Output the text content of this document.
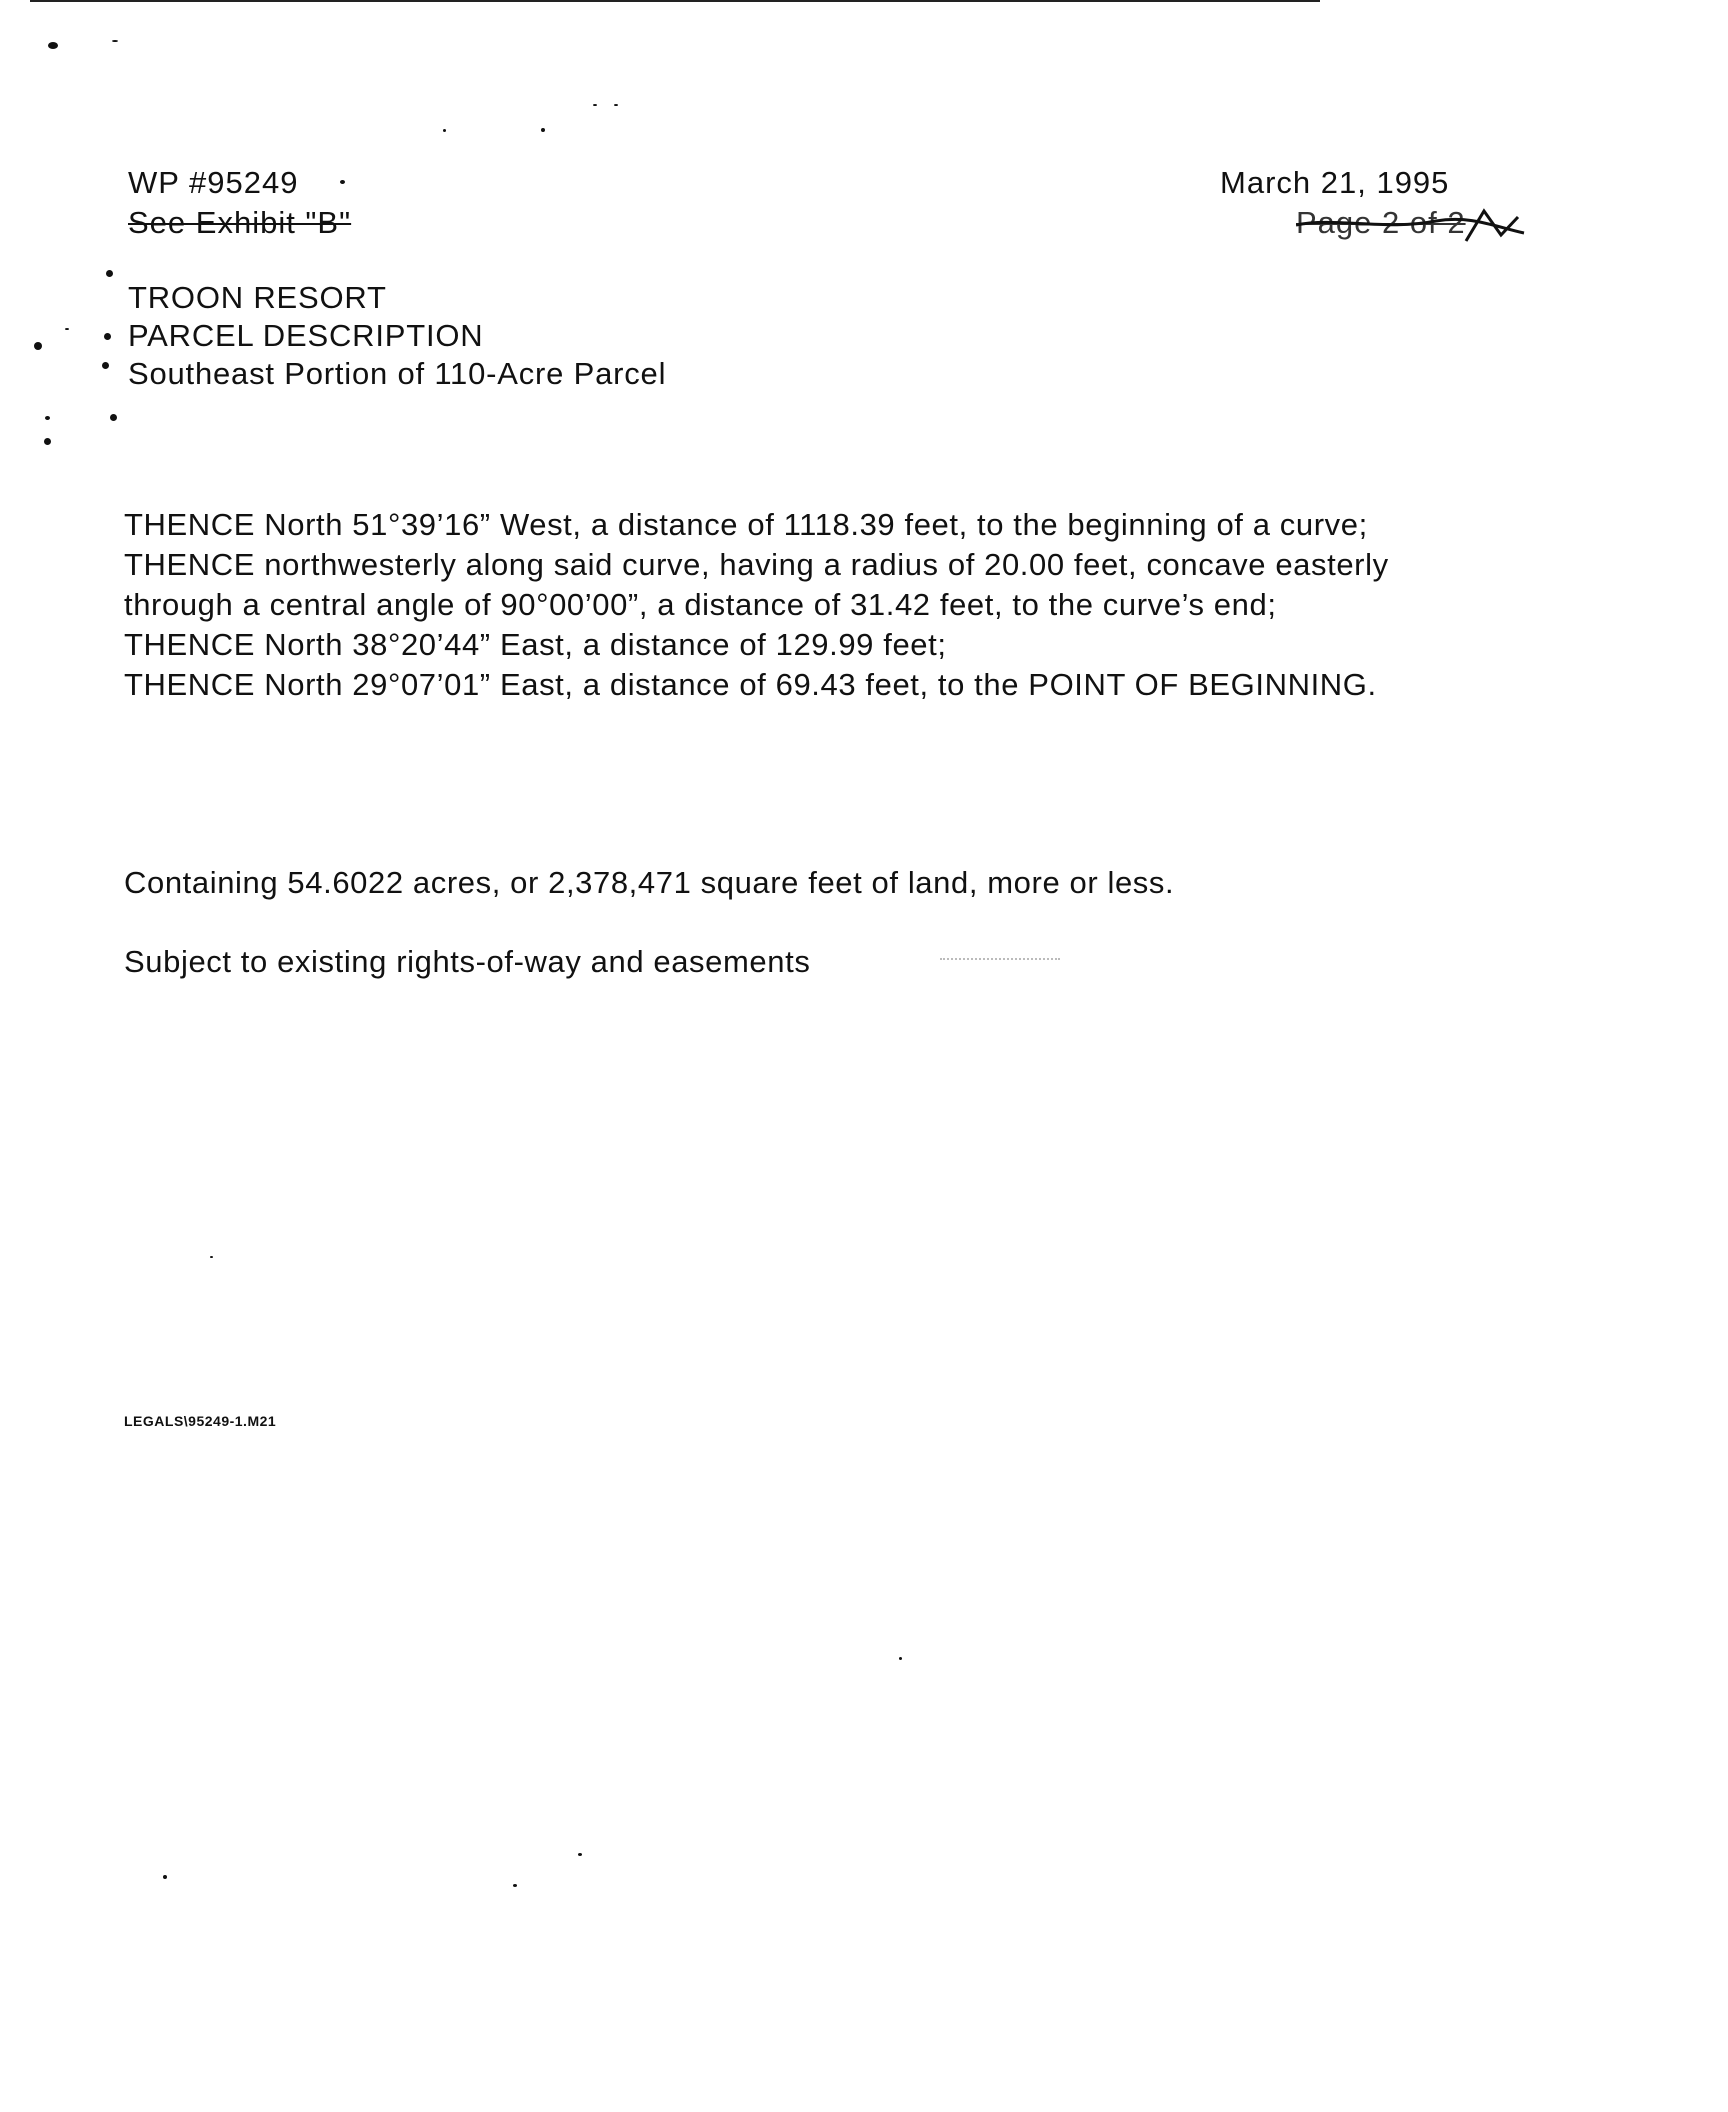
WP #95249
See Exhibit "B"
March 21, 1995
Page 2 of 2
TROON RESORT
PARCEL DESCRIPTION
Southeast Portion of 110-Acre Parcel

THENCE North 51°39’16” West, a distance of 1118.39 feet, to the beginning of a curve;

THENCE northwesterly along said curve, having a radius of 20.00 feet, concave easterly through a central angle of 90°00’00”, a distance of 31.42 feet, to the curve’s end;

THENCE North 38°20’44” East, a distance of 129.99 feet;

THENCE North 29°07’01” East, a distance of 69.43 feet, to the POINT OF BEGINNING.

Containing 54.6022 acres, or 2,378,471 square feet of land, more or less.
Subject to existing rights-of-way and easements
LEGALS\95249-1.M21
